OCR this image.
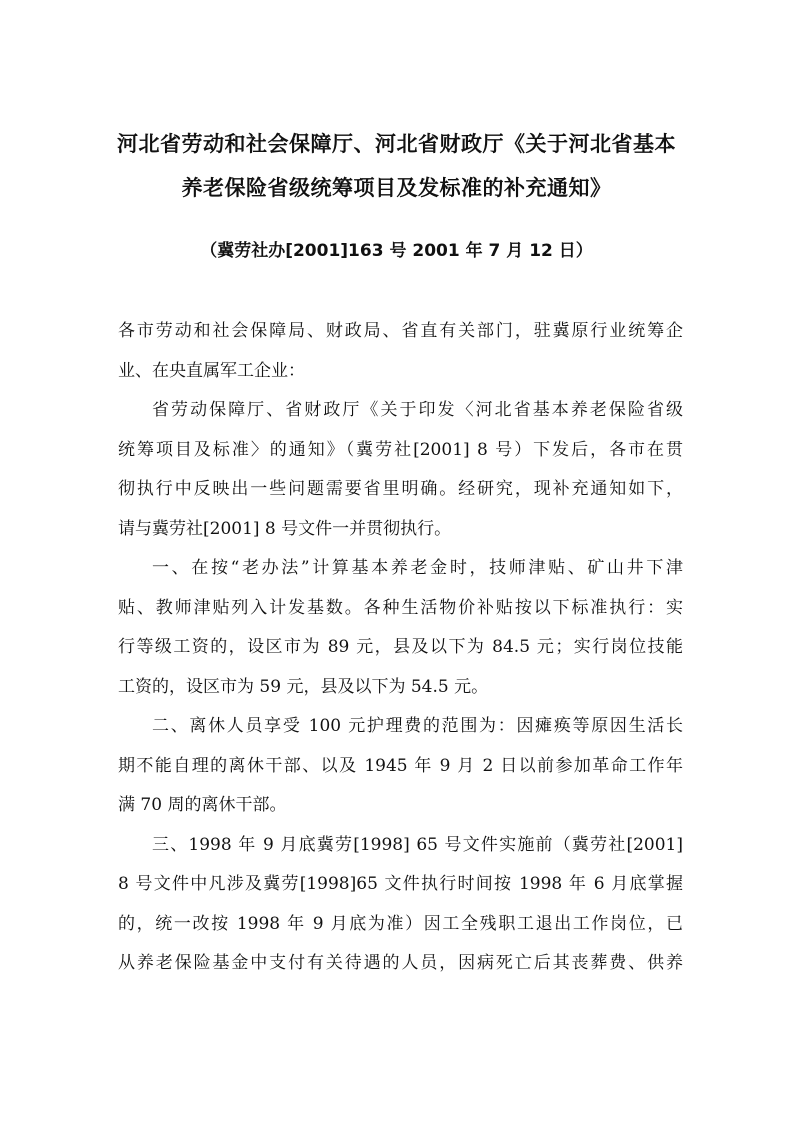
河北省劳动和社会保障厅、河北省财政厅《关于河北省基本
养老保险省级统筹项目及发标准的补充通知》
（冀劳社办[2001]163 号 2001 年 7 月 12 日）
各市劳动和社会保障局、财政局、省直有关部门，驻冀原行业统筹企
业、在央直属军工企业：
省劳动保障厅、省财政厅《关于印发〈河北省基本养老保险省级
统筹项目及标准〉的通知》（冀劳社[2001] 8 号）下发后，各市在贯
彻执行中反映出一些问题需要省里明确。经研究，现补充通知如下，
请与冀劳社[2001] 8 号文件一并贯彻执行。
一、在按“老办法”计算基本养老金时，技师津贴、矿山井下津
贴、教师津贴列入计发基数。各种生活物价补贴按以下标准执行：实
行等级工资的，设区市为 89 元，县及以下为 84.5 元；实行岗位技能
工资的，设区市为 59 元，县及以下为 54.5 元。
二、离休人员享受 100 元护理费的范围为：因瘫痪等原因生活长
期不能自理的离休干部、以及 1945 年 9 月 2 日以前参加革命工作年
满 70 周的离休干部。
三、1998 年 9 月底冀劳[1998] 65 号文件实施前（冀劳社[2001]
8 号文件中凡涉及冀劳[1998]65 文件执行时间按 1998 年 6 月底掌握
的，统一改按 1998 年 9 月底为准）因工全残职工退出工作岗位，已
从养老保险基金中支付有关待遇的人员，因病死亡后其丧葬费、供养
